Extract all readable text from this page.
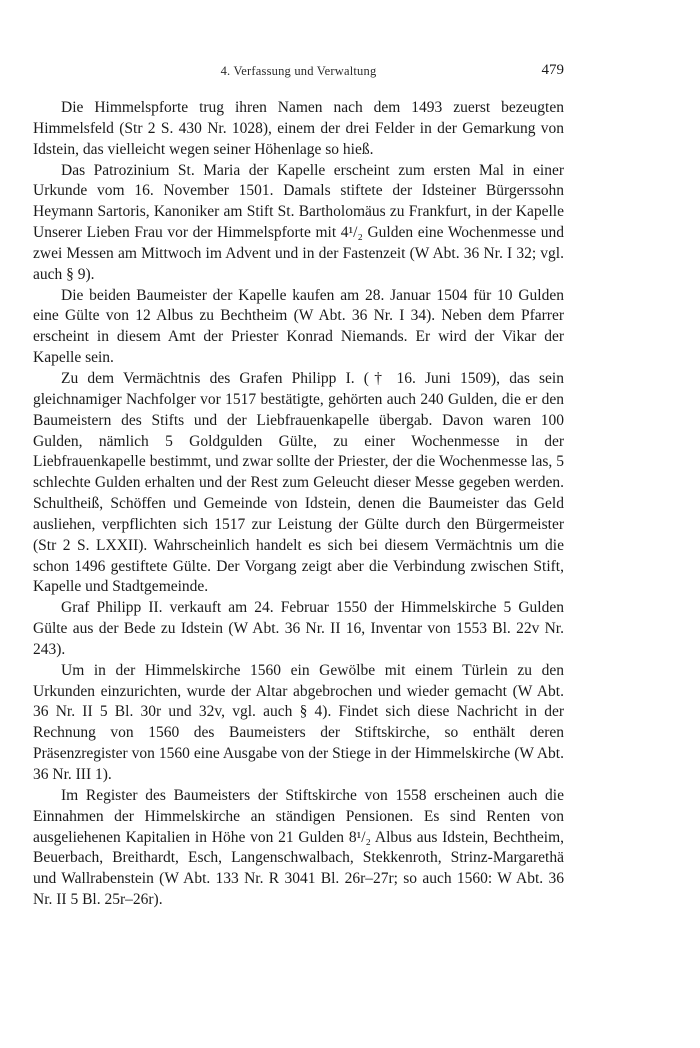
4. Verfassung und Verwaltung	479

Die Himmelspforte trug ihren Namen nach dem 1493 zuerst bezeugten Himmelsfeld (Str 2 S. 430 Nr. 1028), einem der drei Felder in der Gemarkung von Idstein, das vielleicht wegen seiner Höhenlage so hieß.

Das Patrozinium St. Maria der Kapelle erscheint zum ersten Mal in einer Urkunde vom 16. November 1501. Damals stiftete der Idsteiner Bürgerssohn Heymann Sartoris, Kanoniker am Stift St. Bartholomäus zu Frankfurt, in der Kapelle Unserer Lieben Frau vor der Himmelspforte mit 4¹/₂ Gulden eine Wochenmesse und zwei Messen am Mittwoch im Advent und in der Fastenzeit (W Abt. 36 Nr. I 32; vgl. auch § 9).

Die beiden Baumeister der Kapelle kaufen am 28. Januar 1504 für 10 Gulden eine Gülte von 12 Albus zu Bechtheim (W Abt. 36 Nr. I 34). Neben dem Pfarrer erscheint in diesem Amt der Priester Konrad Niemands. Er wird der Vikar der Kapelle sein.

Zu dem Vermächtnis des Grafen Philipp I. († 16. Juni 1509), das sein gleichnamiger Nachfolger vor 1517 bestätigte, gehörten auch 240 Gulden, die er den Baumeistern des Stifts und der Liebfrauenkapelle übergab. Davon waren 100 Gulden, nämlich 5 Goldgulden Gülte, zu einer Wochenmesse in der Liebfrauenkapelle bestimmt, und zwar sollte der Priester, der die Wochenmesse las, 5 schlechte Gulden erhalten und der Rest zum Geleucht dieser Messe gegeben werden. Schultheiß, Schöffen und Gemeinde von Idstein, denen die Baumeister das Geld ausliehen, verpflichten sich 1517 zur Leistung der Gülte durch den Bürgermeister (Str 2 S. LXXII). Wahrscheinlich handelt es sich bei diesem Vermächtnis um die schon 1496 gestiftete Gülte. Der Vorgang zeigt aber die Verbindung zwischen Stift, Kapelle und Stadtgemeinde.

Graf Philipp II. verkauft am 24. Februar 1550 der Himmelskirche 5 Gulden Gülte aus der Bede zu Idstein (W Abt. 36 Nr. II 16, Inventar von 1553 Bl. 22v Nr. 243).

Um in der Himmelskirche 1560 ein Gewölbe mit einem Türlein zu den Urkunden einzurichten, wurde der Altar abgebrochen und wieder gemacht (W Abt. 36 Nr. II 5 Bl. 30r und 32v, vgl. auch § 4). Findet sich diese Nachricht in der Rechnung von 1560 des Baumeisters der Stiftskirche, so enthält deren Präsenzregister von 1560 eine Ausgabe von der Stiege in der Himmelskirche (W Abt. 36 Nr. III 1).

Im Register des Baumeisters der Stiftskirche von 1558 erscheinen auch die Einnahmen der Himmelskirche an ständigen Pensionen. Es sind Renten von ausgeliehenen Kapitalien in Höhe von 21 Gulden 8¹/₂ Albus aus Idstein, Bechtheim, Beuerbach, Breithardt, Esch, Langenschwalbach, Stekkenroth, Strinz-Margarethä und Wallrabenstein (W Abt. 133 Nr. R 3041 Bl. 26r–27r; so auch 1560: W Abt. 36 Nr. II 5 Bl. 25r–26r).
